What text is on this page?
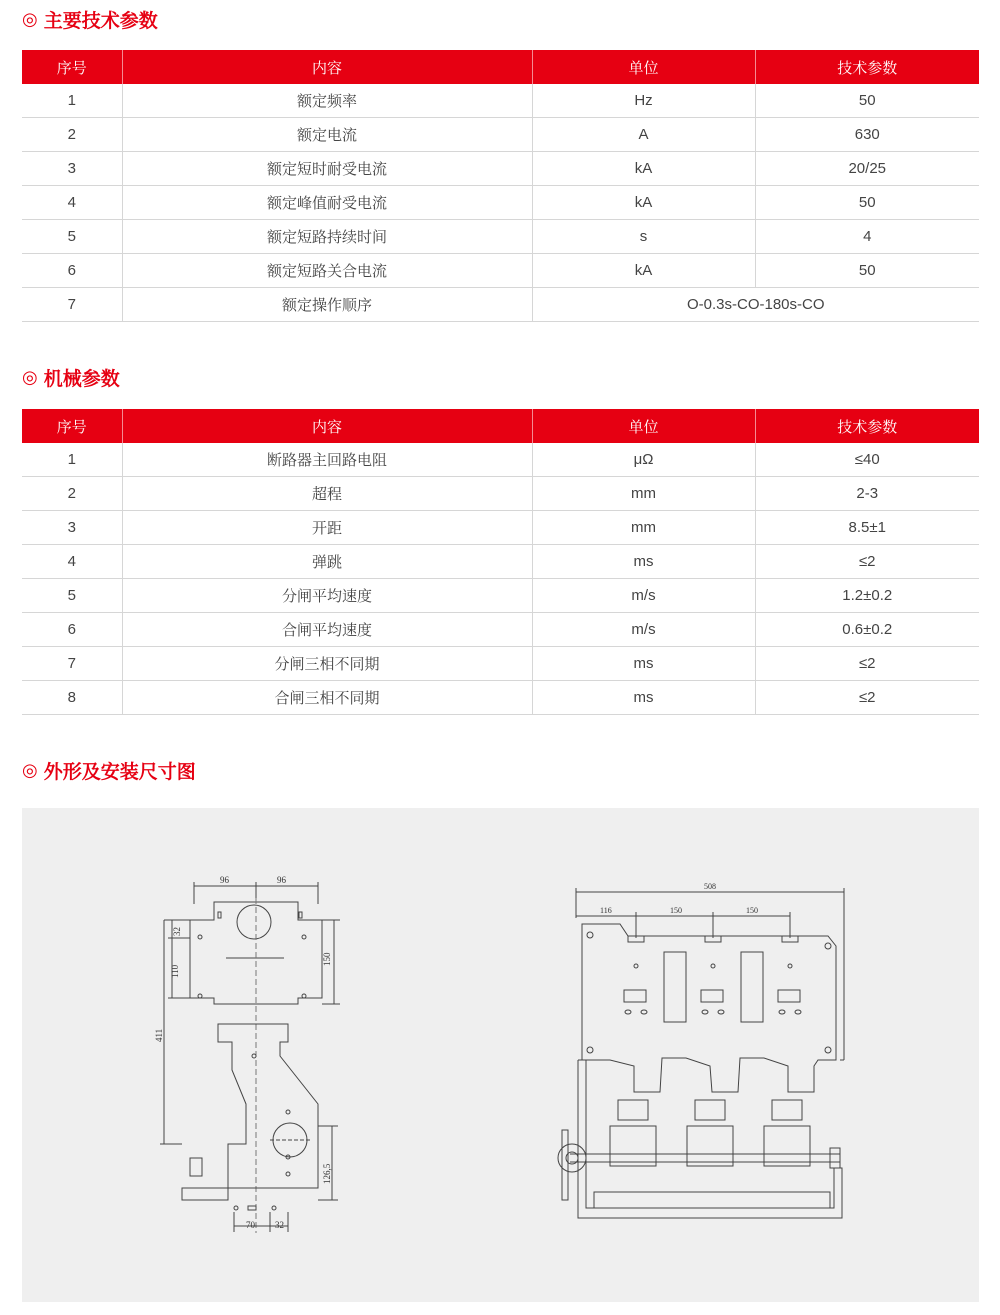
◎ 主要技术参数
序号	内容	单位	技术参数
1	额定频率	Hz	50
2	额定电流	A	630
3	额定短时耐受电流	kA	20/25
4	额定峰值耐受电流	kA	50
5	额定短路持续时间	s	4
6	额定短路关合电流	kA	50
7	额定操作顺序	O-0.3s-CO-180s-CO	
◎ 机械参数
序号	内容	单位	技术参数
1	断路器主回路电阻	μΩ	≤40
2	超程	mm	2-3
3	开距	mm	8.5±1
4	弹跳	ms	≤2
5	分闸平均速度	m/s	1.2±0.2
6	合闸平均速度	m/s	0.6±0.2
7	分闸三相不同期	ms	≤2
8	合闸三相不同期	ms	≤2
◎ 外形及安装尺寸图
96	96
150
32
110
411
126,5
70 32
508
116	150	150
